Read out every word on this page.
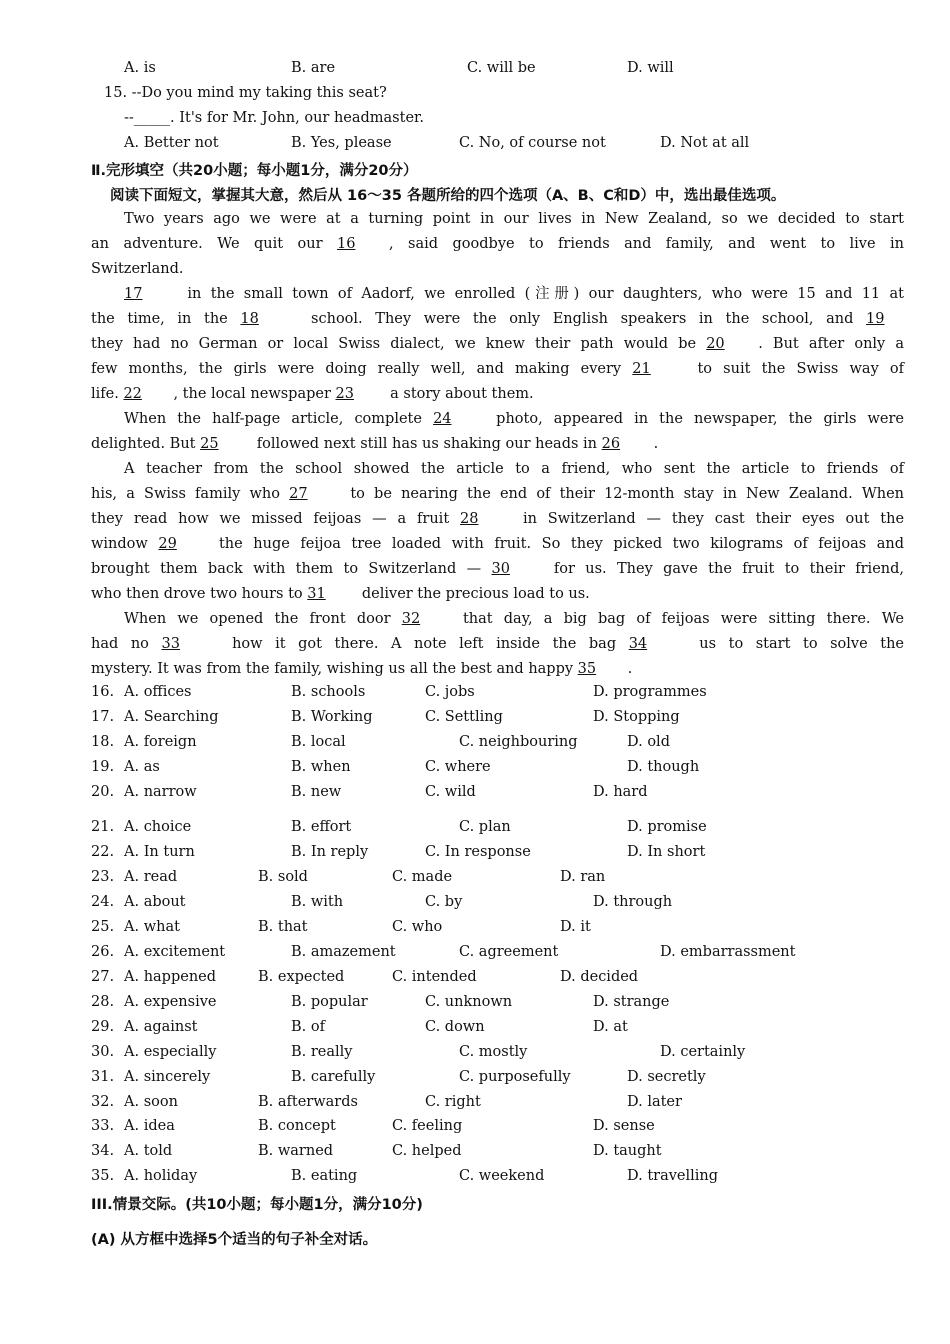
A. is	B. are	C. will be	D. will
15. --Do you mind my taking this seat?
--_____. It's for Mr. John, our headmaster.
A. Better not	B. Yes, please	C. No, of course not	D. Not at all
Ⅱ.完形填空（共20小题；每小题1分，满分20分）
阅读下面短文，掌握其大意，然后从 16～35 各题所给的四个选项（A、B、C和D）中，选出最佳选项。
Two years ago we were at a turning point in our lives in New Zealand, so we decided to start
an adventure. We quit our 16 , said goodbye to friends and family, and went to live in
Switzerland.
17	in the small town of Aadorf, we enrolled (注册) our daughters, who were 15 and 11 at
the time, in the 18	school. They were the only English speakers in the school, and 19
they had no German or local Swiss dialect, we knew their path would be 20 . But after only a
few months, the girls were doing really well, and making every 21	to suit the Swiss way of
life. 22 , the local newspaper 23 a story about them.
When the half-page article, complete 24	photo, appeared in the newspaper, the girls were
delighted. But 25	followed next still has us shaking our heads in 26 .
A teacher from the school showed the article to a friend, who sent the article to friends of
his, a Swiss family who 27	to be nearing the end of their 12-month stay in New Zealand. When
they read how we missed feijoas — a fruit 28	in Switzerland — they cast their eyes out the
window 29	the huge feijoa tree loaded with fruit. So they picked two kilograms of feijoas and
brought them back with them to Switzerland — 30	for us. They gave the fruit to their friend,
who then drove two hours to 31 deliver the precious load to us.
When we opened the front door 32	that day, a big bag of feijoas were sitting there. We
had no 33	how it got there. A note left inside the bag 34	us to start to solve the
mystery. It was from the family, wishing us all the best and happy 35 .
16. A. offices	B. schools	C. jobs	D. programmes
17. A. Searching	B. Working	C. Settling	D. Stopping
18. A. foreign	B. local	C. neighbouring	D. old
19. A. as	B. when	C. where	D. though
20. A. narrow	B. new	C. wild	D. hard
21. A. choice	B. effort	C. plan	D. promise
22. A. In turn	B. In reply	C. In response	D. In short
23. A. read	B. sold	C. made	D. ran
24. A. about	B. with	C. by	D. through
25. A. what	B. that	C. who	D. it
26. A. excitement	B. amazement	C. agreement	D. embarrassment
27. A. happened	B. expected	C. intended	D. decided
28. A. expensive	B. popular	C. unknown	D. strange
29. A. against	B. of	C. down	D. at
30. A. especially	B. really	C. mostly	D. certainly
31. A. sincerely	B. carefully	C. purposefully	D. secretly
32. A. soon	B. afterwards	C. right	D. later
33. A. idea	B. concept	C. feeling	D. sense
34. A. told	B. warned	C. helped	D. taught
35. A. holiday	B. eating	C. weekend	D. travelling
III.情景交际。(共10小题；每小题1分，满分10分)
(A) 从方框中选择5个适当的句子补全对话。
